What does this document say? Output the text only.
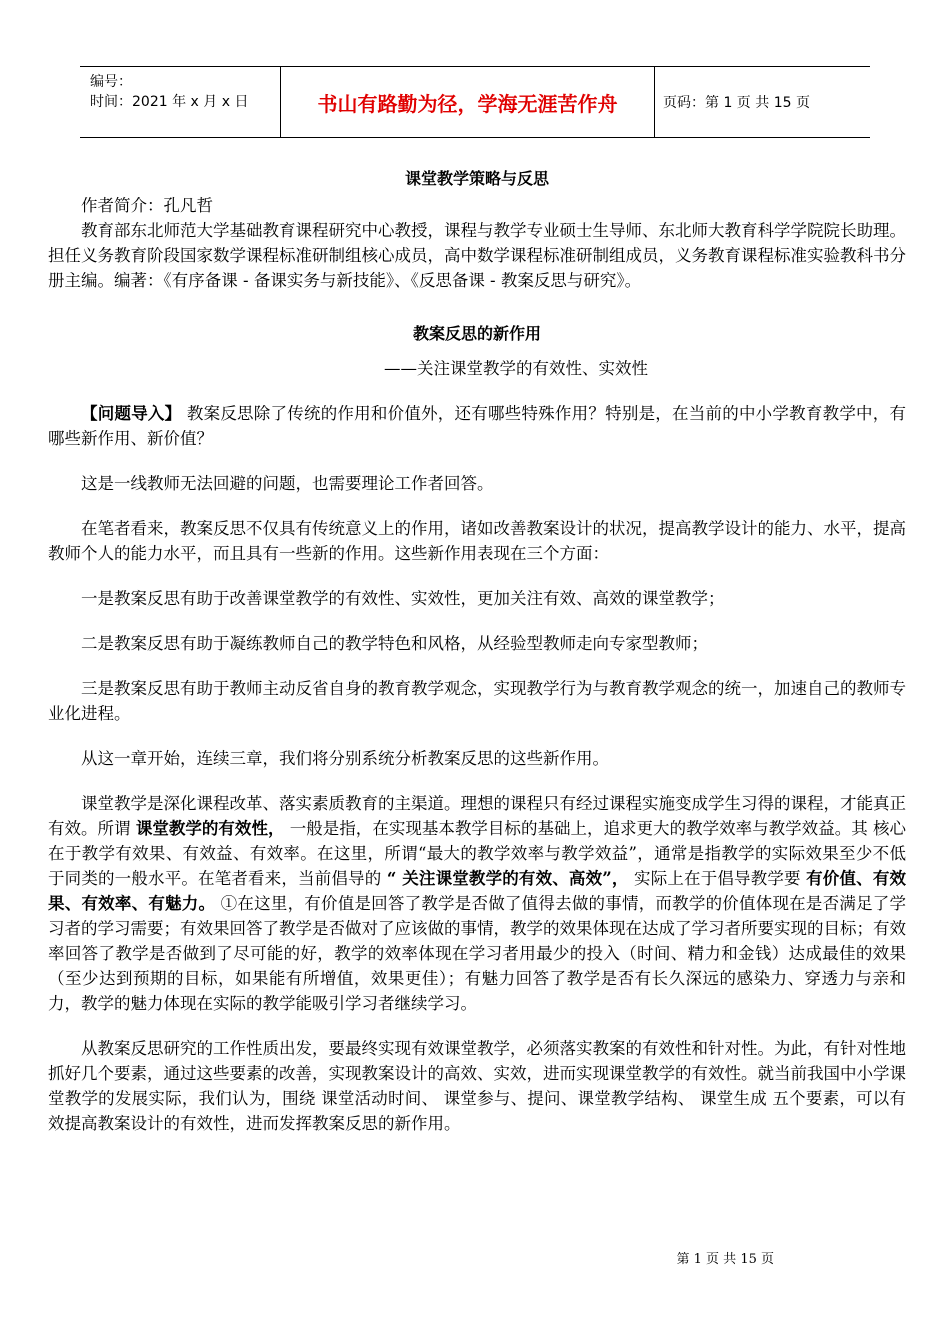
编号：
时间：2021 年 x 月 x 日	书山有路勤为径，学海无涯苦作舟	页码：第 1 页 共 15 页
课堂教学策略与反思

作者简介：孔凡哲

教育部东北师范大学基础教育课程研究中心教授，课程与教学专业硕士生导师、东北师大教育科学学院院长助理。担任义务教育阶段国家数学课程标准研制组核心成员，高中数学课程标准研制组成员，义务教育课程标准实验教科书分册主编。编著：《有序备课 - 备课实务与新技能》、《反思备课 - 教案反思与研究》。

教案反思的新作用

——关注课堂教学的有效性、实效性

【问题导入】 教案反思除了传统的作用和价值外，还有哪些特殊作用？特别是，在当前的中小学教育教学中，有哪些新作用、新价值？

这是一线教师无法回避的问题，也需要理论工作者回答。

在笔者看来，教案反思不仅具有传统意义上的作用，诸如改善教案设计的状况，提高教学设计的能力、水平，提高教师个人的能力水平，而且具有一些新的作用。这些新作用表现在三个方面：

一是教案反思有助于改善课堂教学的有效性、实效性，更加关注有效、高效的课堂教学；

二是教案反思有助于凝练教师自己的教学特色和风格，从经验型教师走向专家型教师；

三是教案反思有助于教师主动反省自身的教育教学观念，实现教学行为与教育教学观念的统一，加速自己的教师专业化进程。

从这一章开始，连续三章，我们将分别系统分析教案反思的这些新作用。

课堂教学是深化课程改革、落实素质教育的主渠道。理想的课程只有经过课程实施变成学生习得的课程，才能真正有效。所谓 课堂教学的有效性， 一般是指，在实现基本教学目标的基础上，追求更大的教学效率与教学效益。其 核心在于教学有效果、有效益、有效率。在这里，所谓“最大的教学效率与教学效益”，通常是指教学的实际效果至少不低于同类的一般水平。在笔者看来，当前倡导的 “ 关注课堂教学的有效、高效”， 实际上在于倡导教学要 有价值、有效果、有效率、有魅力。 ①在这里，有价值是回答了教学是否做了值得去做的事情，而教学的价值体现在是否满足了学习者的学习需要；有效果回答了教学是否做对了应该做的事情，教学的效果体现在达成了学习者所要实现的目标；有效率回答了教学是否做到了尽可能的好，教学的效率体现在学习者用最少的投入（时间、精力和金钱）达成最佳的效果（至少达到预期的目标，如果能有所增值，效果更佳）；有魅力回答了教学是否有长久深远的感染力、穿透力与亲和力，教学的魅力体现在实际的教学能吸引学习者继续学习。

从教案反思研究的工作性质出发，要最终实现有效课堂教学，必须落实教案的有效性和针对性。为此，有针对性地抓好几个要素，通过这些要素的改善，实现教案设计的高效、实效，进而实现课堂教学的有效性。就当前我国中小学课堂教学的发展实际，我们认为，围绕 课堂活动时间、 课堂参与、提问、课堂教学结构、 课堂生成 五个要素，可以有效提高教案设计的有效性，进而发挥教案反思的新作用。

第 1 页 共 15 页
